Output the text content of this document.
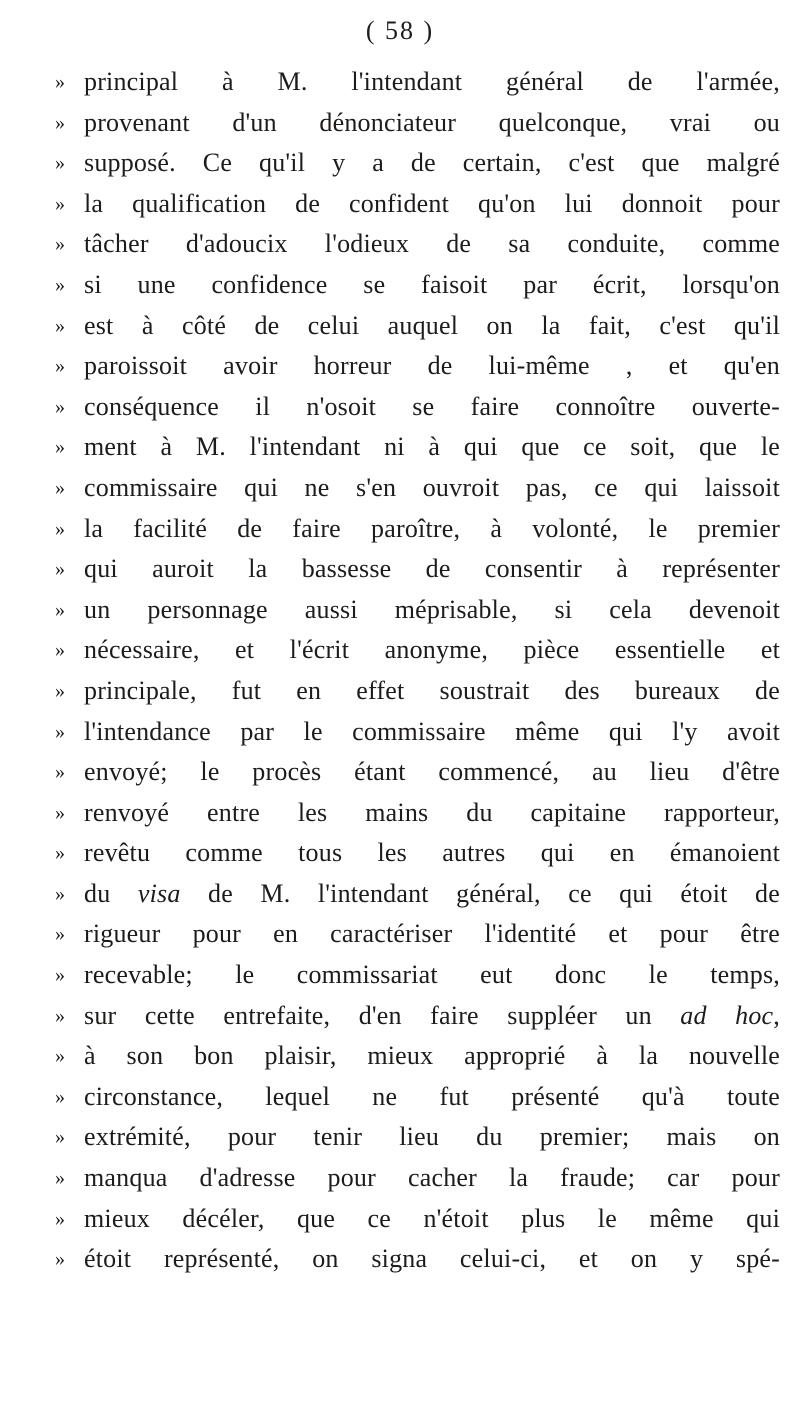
( 58 )
» principal à M. l'intendant général de l'armée,
» provenant d'un dénonciateur quelconque, vrai ou
» supposé. Ce qu'il y a de certain, c'est que malgré
» la qualification de confident qu'on lui donnoit pour
» tâcher d'adoucix l'odieux de sa conduite, comme
» si une confidence se faisoit par écrit, lorsqu'on
» est à côté de celui auquel on la fait, c'est qu'il
» paroissoit avoir horreur de lui-même , et qu'en
» conséquence il n'osoit se faire connoître ouverte-
» ment à M. l'intendant ni à qui que ce soit, que le
» commissaire qui ne s'en ouvroit pas, ce qui laissoit
» la facilité de faire paroître, à volonté, le premier
» qui auroit la bassesse de consentir à représenter
» un personnage aussi méprisable, si cela devenoit
» nécessaire, et l'écrit anonyme, pièce essentielle et
» principale, fut en effet soustrait des bureaux de
» l'intendance par le commissaire même qui l'y avoit
» envoyé; le procès étant commencé, au lieu d'être
» renvoyé entre les mains du capitaine rapporteur,
» revêtu comme tous les autres qui en émanoient
» du visa de M. l'intendant général, ce qui étoit de
» rigueur pour en caractériser l'identité et pour être
» recevable; le commissariat eut donc le temps,
» sur cette entrefaite, d'en faire suppléer un ad hoc,
» à son bon plaisir, mieux approprié à la nouvelle
» circonstance, lequel ne fut présenté qu'à toute
» extrémité, pour tenir lieu du premier; mais on
» manqua d'adresse pour cacher la fraude; car pour
» mieux décéler, que ce n'étoit plus le même qui
» étoit représenté, on signa celui-ci, et on y spé-
